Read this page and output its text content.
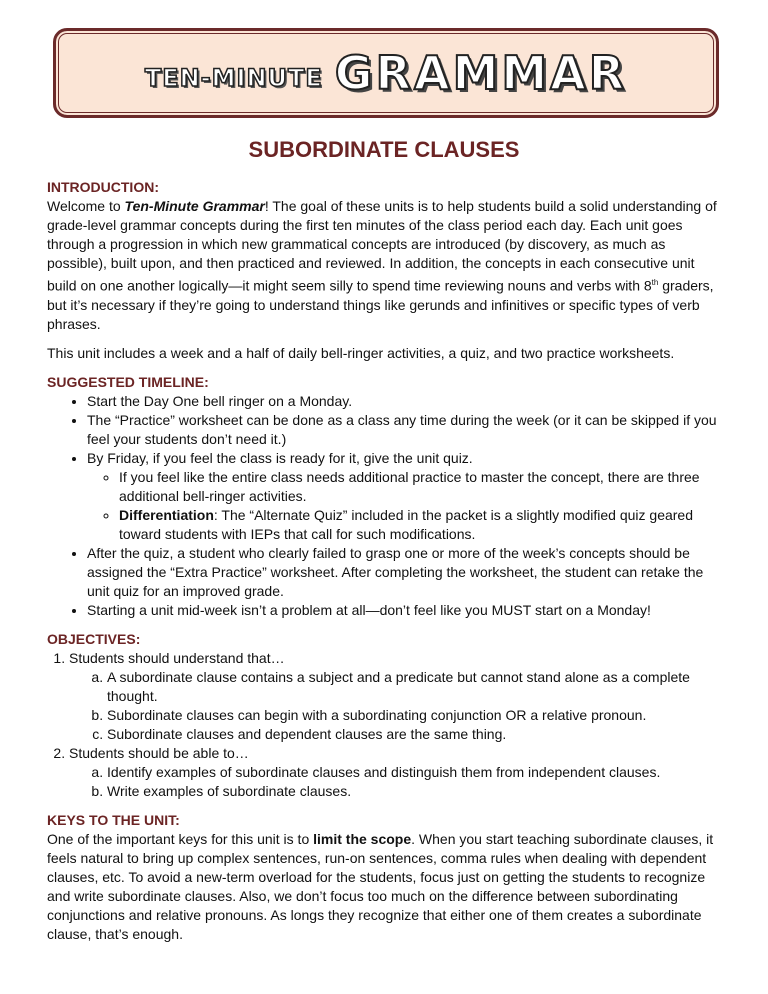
TEN-MINUTE GRAMMAR
SUBORDINATE CLAUSES
INTRODUCTION:

Welcome to Ten-Minute Grammar! The goal of these units is to help students build a solid understanding of grade-level grammar concepts during the first ten minutes of the class period each day. Each unit goes through a progression in which new grammatical concepts are introduced (by discovery, as much as possible), built upon, and then practiced and reviewed. In addition, the concepts in each consecutive unit build on one another logically—it might seem silly to spend time reviewing nouns and verbs with 8th graders, but it’s necessary if they’re going to understand things like gerunds and infinitives or specific types of verb phrases.

This unit includes a week and a half of daily bell-ringer activities, a quiz, and two practice worksheets.

SUGGESTED TIMELINE:
• Start the Day One bell ringer on a Monday.
• The “Practice” worksheet can be done as a class any time during the week (or it can be skipped if you feel your students don’t need it.)
• By Friday, if you feel the class is ready for it, give the unit quiz.
◦ If you feel like the entire class needs additional practice to master the concept, there are three additional bell-ringer activities.
◦ Differentiation: The “Alternate Quiz” included in the packet is a slightly modified quiz geared toward students with IEPs that call for such modifications.
• After the quiz, a student who clearly failed to grasp one or more of the week’s concepts should be assigned the “Extra Practice” worksheet. After completing the worksheet, the student can retake the unit quiz for an improved grade.
• Starting a unit mid-week isn’t a problem at all—don’t feel like you MUST start on a Monday!
OBJECTIVES:
1. Students should understand that…
a. A subordinate clause contains a subject and a predicate but cannot stand alone as a complete thought.
b. Subordinate clauses can begin with a subordinating conjunction OR a relative pronoun.
c. Subordinate clauses and dependent clauses are the same thing.
2. Students should be able to…
a. Identify examples of subordinate clauses and distinguish them from independent clauses.
b. Write examples of subordinate clauses.
KEYS TO THE UNIT:

One of the important keys for this unit is to limit the scope. When you start teaching subordinate clauses, it feels natural to bring up complex sentences, run-on sentences, comma rules when dealing with dependent clauses, etc. To avoid a new-term overload for the students, focus just on getting the students to recognize and write subordinate clauses. Also, we don’t focus too much on the difference between subordinating conjunctions and relative pronouns. As longs they recognize that either one of them creates a subordinate clause, that’s enough.
